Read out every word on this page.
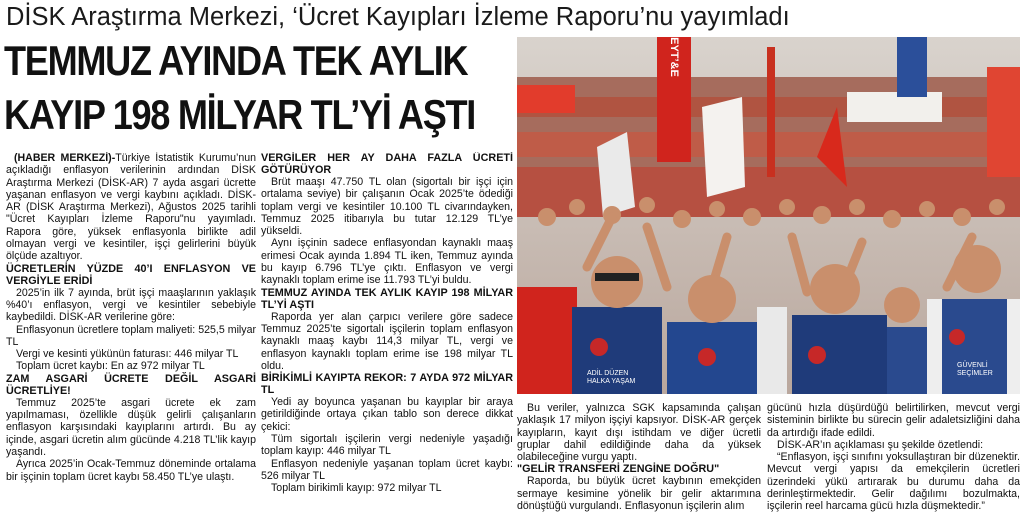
DİSK Araştırma Merkezi, ‘Ücret Kayıpları İzleme Raporu’nu yayımladı
TEMMUZ AYINDA TEK AYLIK
KAYIP 198 MİLYAR TL’Yİ AŞTI

(HABER MERKEZİ)-Türkiye İstatistik Kurumu’nun açıkladığı enflasyon verilerinin ardından DİSK Araştırma Merkezi (DİSK-AR) 7 ayda asgari ücrette yaşanan enflasyon ve vergi kaybını açıkladı. DİSK-AR (DİSK Araştırma Merkezi), Ağustos 2025 tarihli "Ücret Kayıpları İzleme Raporu"nu yayımladı. Rapora göre, yüksek enflasyonla birlikte adil olmayan vergi ve kesintiler, işçi gelirlerini büyük ölçüde azaltıyor.

ÜCRETLERİN YÜZDE 40’I ENFLASYON VE VERGİYLE ERİDİ

2025’in ilk 7 ayında, brüt işçi maaşlarının yaklaşık %40’ı enflasyon, vergi ve kesintiler sebebiyle kaybedildi. DİSK-AR verilerine göre:

Enflasyonun ücretlere toplam maliyeti: 525,5 milyar TL

Vergi ve kesinti yükünün faturası: 446 milyar TL

Toplam ücret kaybı: En az 972 milyar TL

ZAM ASGARİ ÜCRETE DEĞİL ASGARİ ÜCRETLİYE!

Temmuz 2025’te asgari ücrete ek zam yapılmaması, özellikle düşük gelirli çalışanların enflasyon karşısındaki kayıplarını artırdı. Bu ay içinde, asgari ücretin alım gücünde 4.218 TL’lik kayıp yaşandı.

Ayrıca 2025’in Ocak-Temmuz döneminde ortalama bir işçinin toplam ücret kaybı 58.450 TL’ye ulaştı.

VERGİLER HER AY DAHA FAZLA ÜCRETİ GÖTÜRÜYOR

Brüt maaşı 47.750 TL olan (sigortalı bir işçi için ortalama seviye) bir çalışanın Ocak 2025’te ödediği toplam vergi ve kesintiler 10.100 TL civarındayken, Temmuz 2025 itibarıyla bu tutar 12.129 TL’ye yükseldi.

Aynı işçinin sadece enflasyondan kaynaklı maaş erimesi Ocak ayında 1.894 TL iken, Temmuz ayında bu kayıp 6.796 TL’ye çıktı. Enflasyon ve vergi kaynaklı toplam erime ise 11.793 TL’yi buldu.

TEMMUZ AYINDA TEK AYLIK KAYIP 198 MİLYAR TL’Yİ AŞTI

Raporda yer alan çarpıcı verilere göre sadece Temmuz 2025’te sigortalı işçilerin toplam enflasyon kaynaklı maaş kaybı 114,3 milyar TL, vergi ve enflasyon kaynaklı toplam erime ise 198 milyar TL oldu.

BİRİKİMLİ KAYIPTA REKOR: 7 AYDA 972 MİLYAR TL

Yedi ay boyunca yaşanan bu kayıplar bir araya getirildiğinde ortaya çıkan tablo son derece dikkat çekici:

Tüm sigortalı işçilerin vergi nedeniyle yaşadığı toplam kayıp: 446 milyar TL

Enflasyon nedeniyle yaşanan toplam ücret kaybı: 526 milyar TL

Toplam birikimli kayıp: 972 milyar TL

EYT’&E
ADİL DÜZEN HALKA YAŞAM
GÜVENLİ SEÇİMLER

Bu veriler, yalnızca SGK kapsamında çalışan yaklaşık 17 milyon işçiyi kapsıyor. DİSK-AR gerçek kayıpların, kayıt dışı istihdam ve diğer ücretli gruplar dahil edildiğinde daha da yüksek olabileceğine vurgu yaptı.

"GELİR TRANSFERİ ZENGİNE DOĞRU"

Raporda, bu büyük ücret kaybının emekçiden sermaye kesimine yönelik bir gelir aktarımına dönüştüğü vurgulandı. Enflasyonun işçilerin alım

gücünü hızla düşürdüğü belirtilirken, mevcut vergi sisteminin birlikte bu sürecin gelir adaletsizliğini daha da artırdığı ifade edildi.

DİSK-AR’ın açıklaması şu şekilde özetlendi:

“Enflasyon, işçi sınıfını yoksullaştıran bir düzenektir. Mevcut vergi yapısı da emekçilerin ücretleri üzerindeki yükü artırarak bu durumu daha da derinleştirmektedir. Gelir dağılımı bozulmakta, işçilerin reel harcama gücü hızla düşmektedir.”
